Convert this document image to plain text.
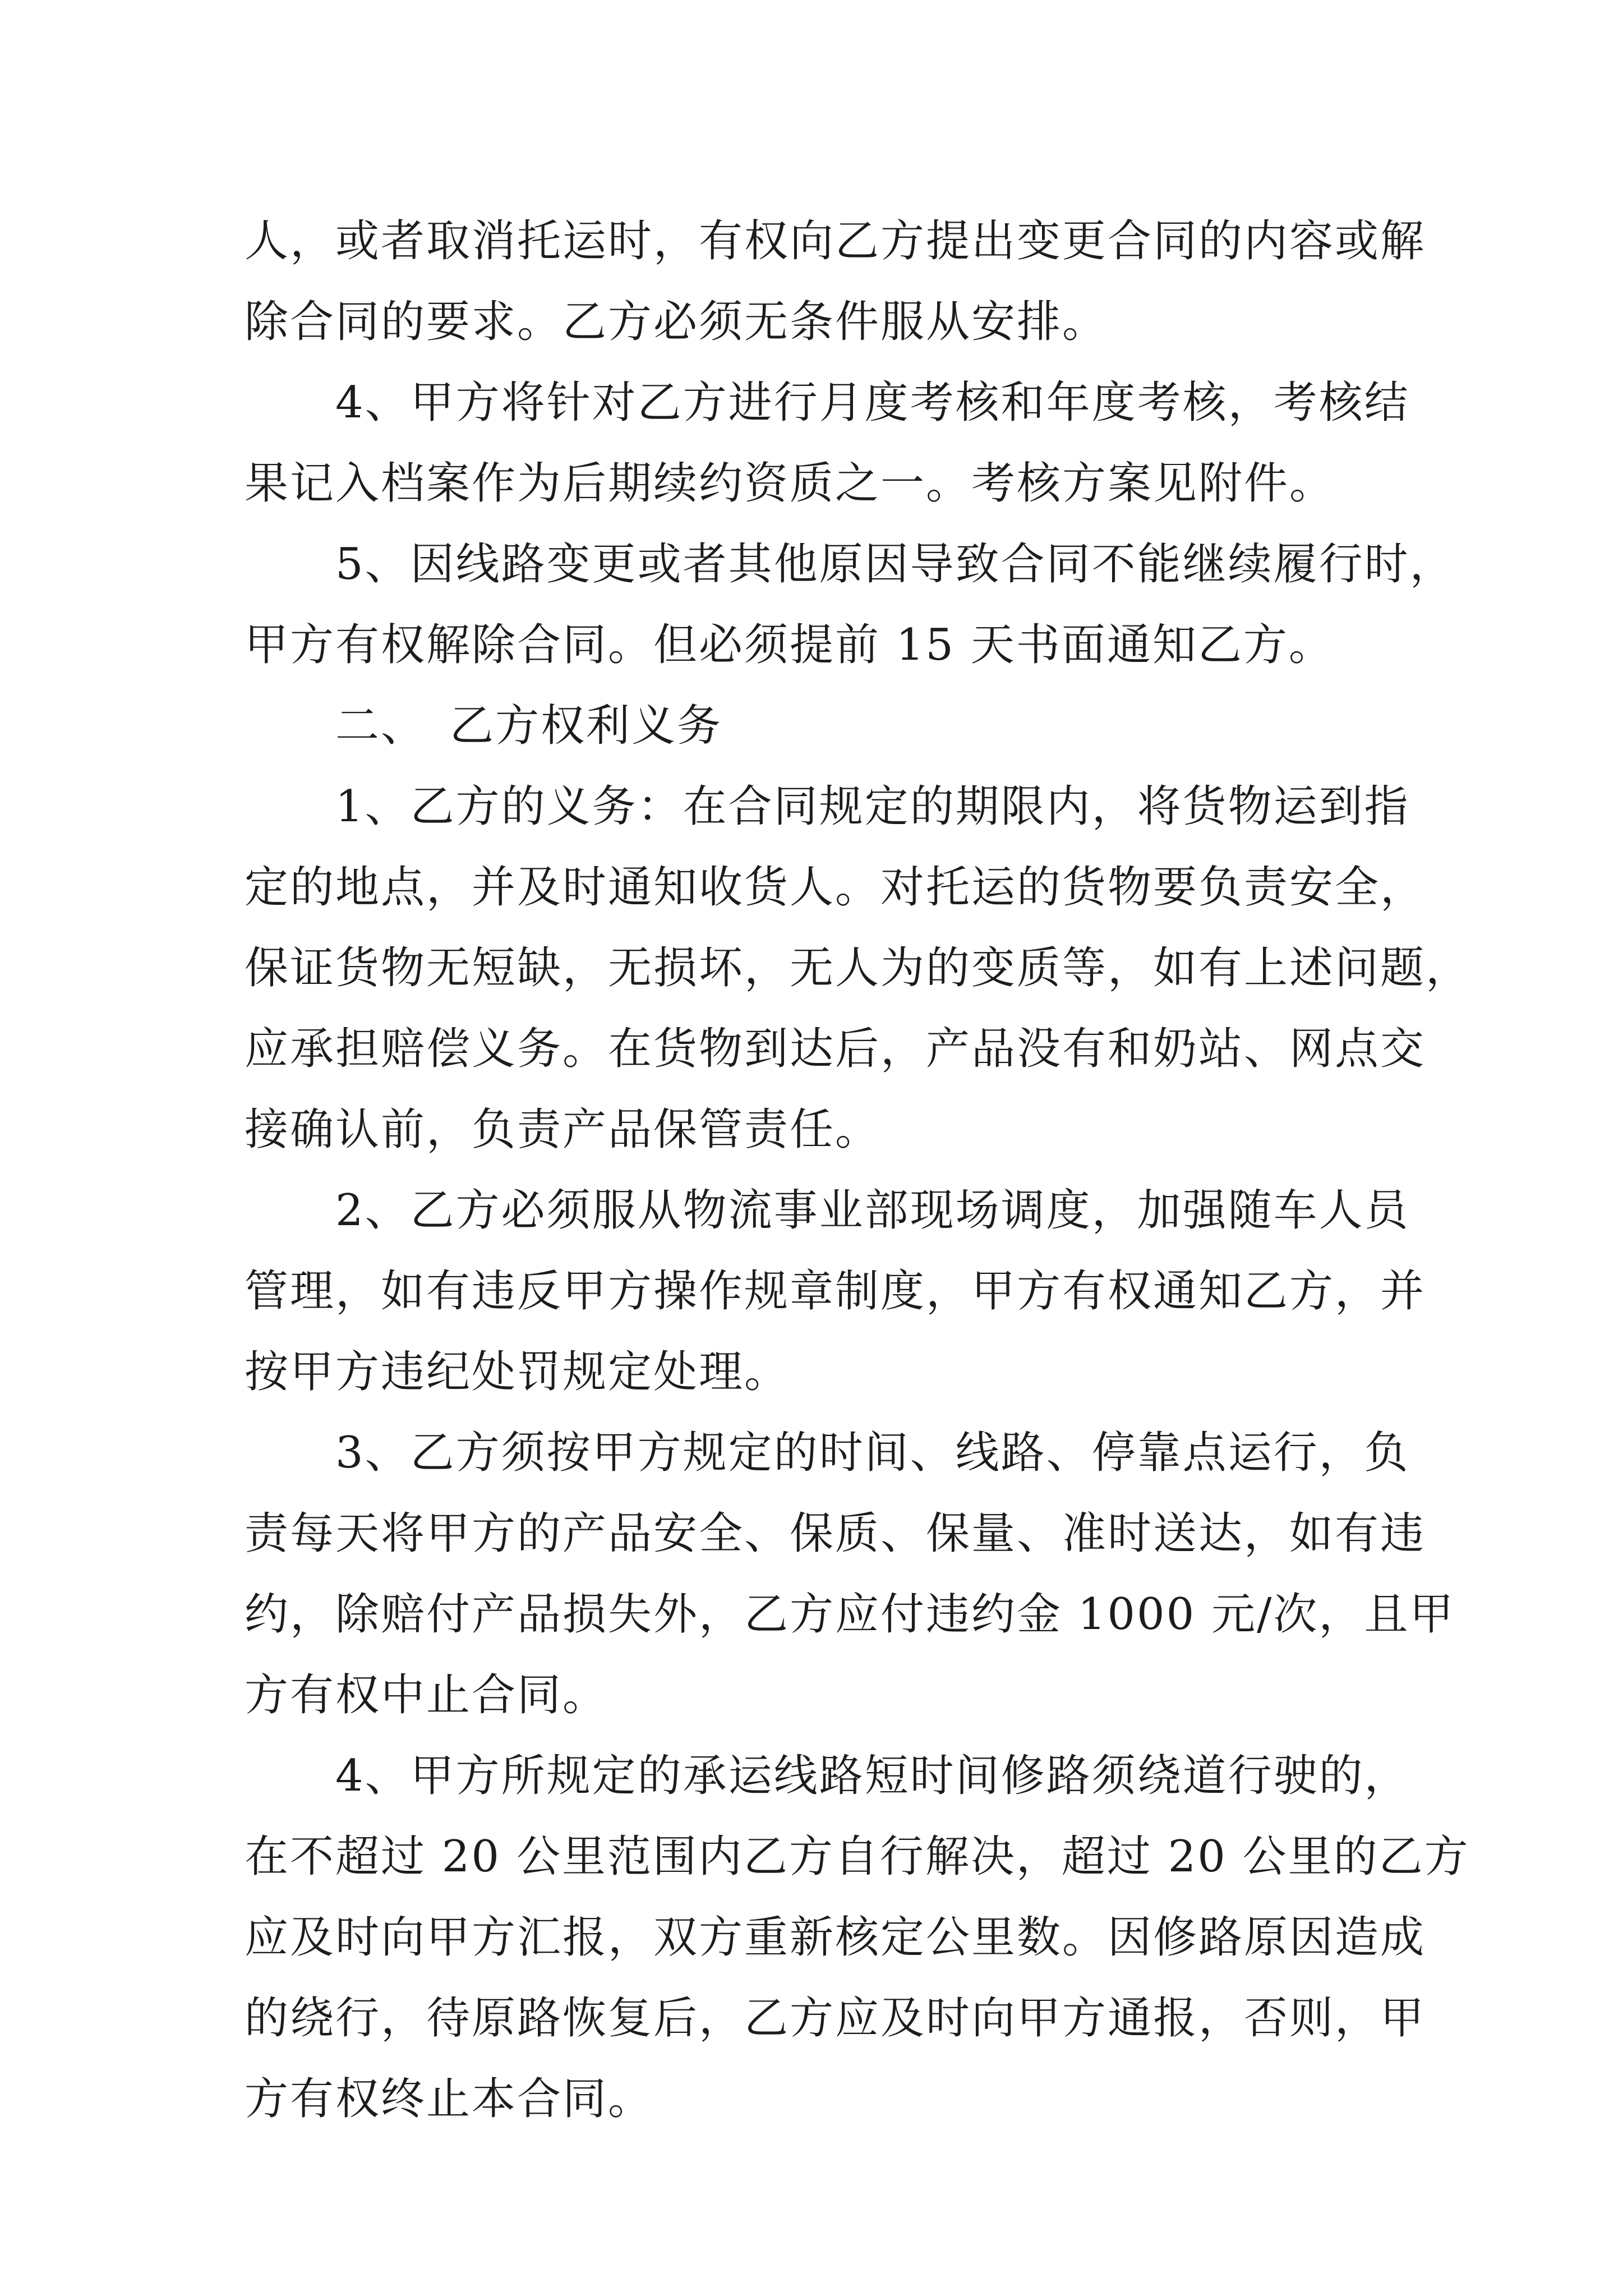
人，或者取消托运时，有权向乙方提出变更合同的内容或解

除合同的要求。乙方必须无条件服从安排。

　　4、甲方将针对乙方进行月度考核和年度考核，考核结

果记入档案作为后期续约资质之一。考核方案见附件。

　　5、因线路变更或者其他原因导致合同不能继续履行时，

甲方有权解除合同。但必须提前 15 天书面通知乙方。

　　二、　乙方权利义务

　　1、乙方的义务：在合同规定的期限内，将货物运到指

定的地点，并及时通知收货人。对托运的货物要负责安全，

保证货物无短缺，无损坏，无人为的变质等，如有上述问题，

应承担赔偿义务。在货物到达后，产品没有和奶站、网点交

接确认前，负责产品保管责任。

　　2、乙方必须服从物流事业部现场调度，加强随车人员

管理，如有违反甲方操作规章制度，甲方有权通知乙方，并

按甲方违纪处罚规定处理。

　　3、乙方须按甲方规定的时间、线路、停靠点运行，负

责每天将甲方的产品安全、保质、保量、准时送达，如有违

约，除赔付产品损失外，乙方应付违约金 1000 元/次，且甲

方有权中止合同。

　　4、甲方所规定的承运线路短时间修路须绕道行驶的，

在不超过 20 公里范围内乙方自行解决，超过 20 公里的乙方

应及时向甲方汇报，双方重新核定公里数。因修路原因造成

的绕行，待原路恢复后，乙方应及时向甲方通报，否则，甲

方有权终止本合同。
